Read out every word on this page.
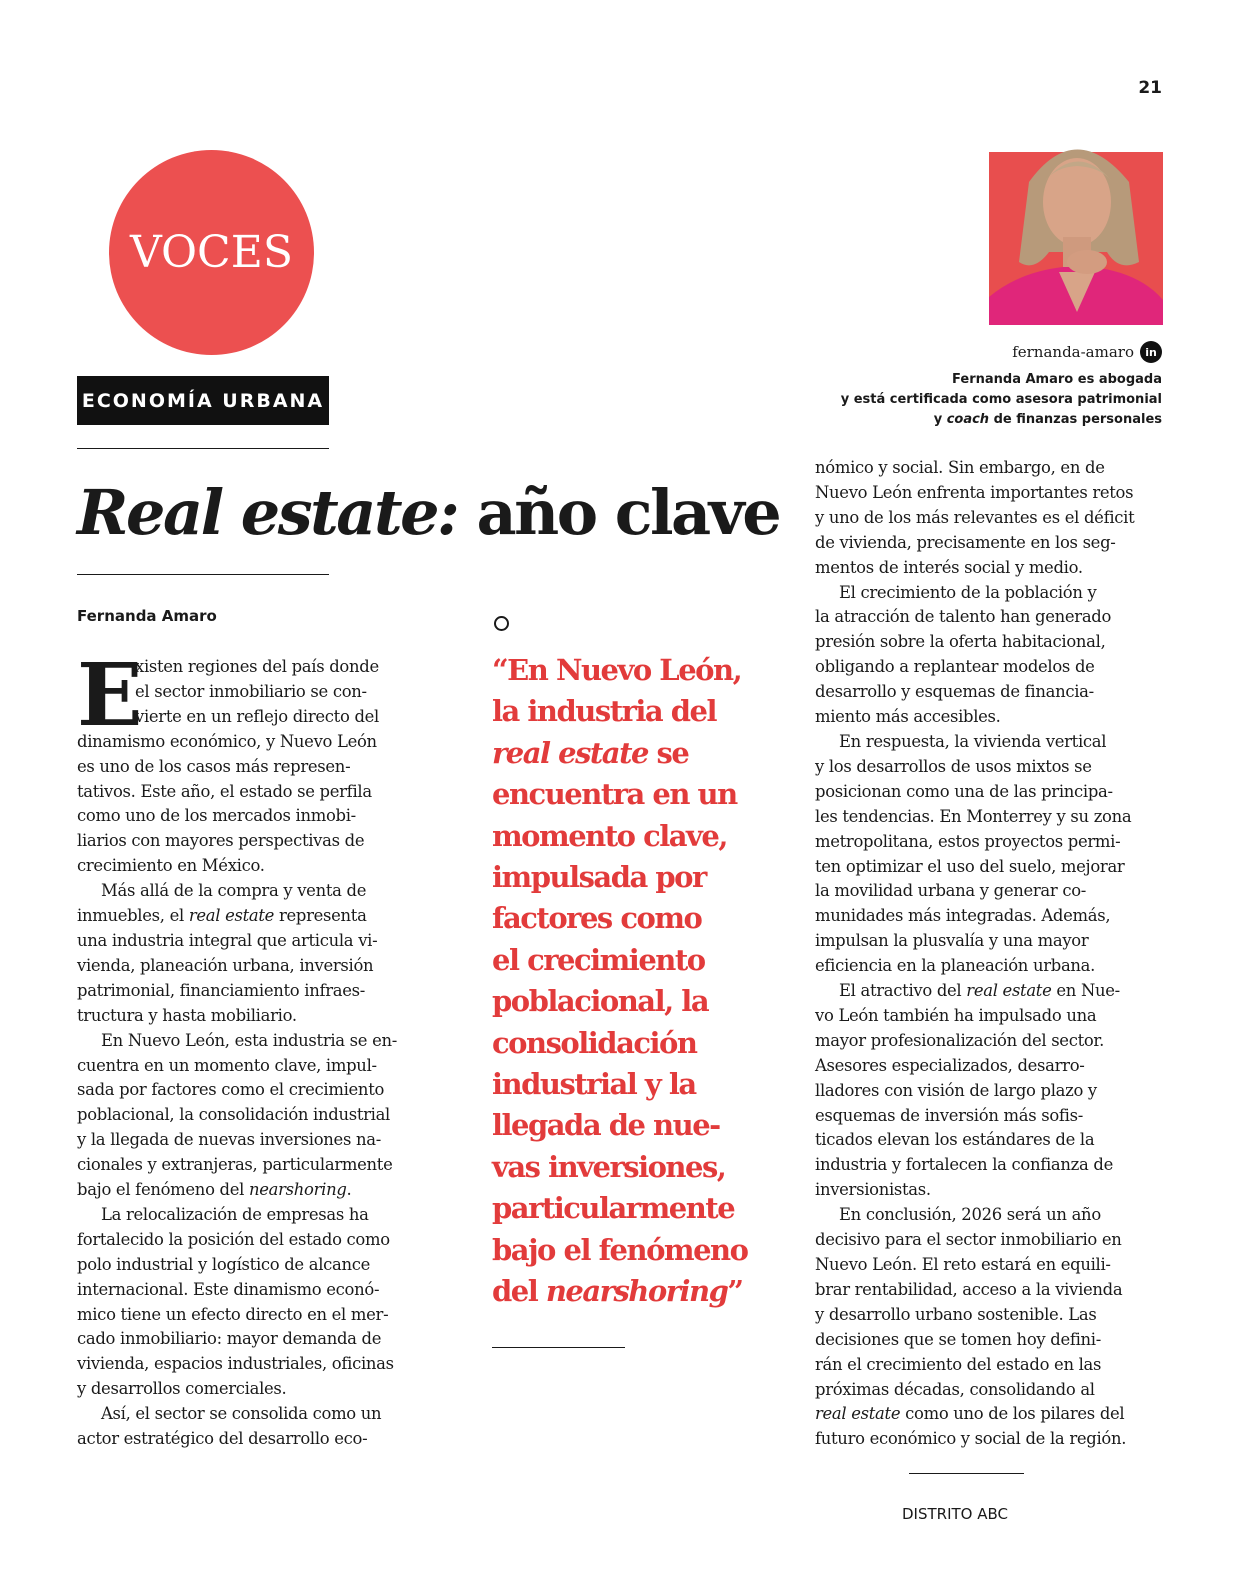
21
VOCES
ECONOMÍA URBANA
Real estate: año clave
fernanda-amaro	in
Fernanda Amaro es abogada
y está certificada como asesora patrimonial
y coach de finanzas personales
Fernanda Amaro
E

xisten regiones del país donde
el sector inmobiliario se con-
vierte en un reflejo directo del
dinamismo económico, y Nuevo León
es uno de los casos más represen-
tativos. Este año, el estado se perfila
como uno de los mercados inmobi-
liarios con mayores perspectivas de
crecimiento en México.
Más allá de la compra y venta de
inmuebles, el real estate representa
una industria integral que articula vi-
vienda, planeación urbana, inversión
patrimonial, financiamiento infraes-
tructura y hasta mobiliario.
En Nuevo León, esta industria se en-
cuentra en un momento clave, impul-
sada por factores como el crecimiento
poblacional, la consolidación industrial
y la llegada de nuevas inversiones na-
cionales y extranjeras, particularmente
bajo el fenómeno del nearshoring.
La relocalización de empresas ha
fortalecido la posición del estado como
polo industrial y logístico de alcance
internacional. Este dinamismo econó-
mico tiene un efecto directo en el mer-
cado inmobiliario: mayor demanda de
vivienda, espacios industriales, oficinas
y desarrollos comerciales.
Así, el sector se consolida como un
actor estratégico del desarrollo eco-

“En Nuevo León,
la industria del
real estate se
encuentra en un
momento clave,
impulsada por
factores como
el crecimiento
poblacional, la
consolidación
industrial y la
llegada de nue-
vas inversiones,
particularmente
bajo el fenómeno
del nearshoring”

nómico y social. Sin embargo, en de
Nuevo León enfrenta importantes retos
y uno de los más relevantes es el déficit
de vivienda, precisamente en los seg-
mentos de interés social y medio.
El crecimiento de la población y
la atracción de talento han generado
presión sobre la oferta habitacional,
obligando a replantear modelos de
desarrollo y esquemas de financia-
miento más accesibles.
En respuesta, la vivienda vertical
y los desarrollos de usos mixtos se
posicionan como una de las principa-
les tendencias. En Monterrey y su zona
metropolitana, estos proyectos permi-
ten optimizar el uso del suelo, mejorar
la movilidad urbana y generar co-
munidades más integradas. Además,
impulsan la plusvalía y una mayor
eficiencia en la planeación urbana.
El atractivo del real estate en Nue-
vo León también ha impulsado una
mayor profesionalización del sector.
Asesores especializados, desarro-
lladores con visión de largo plazo y
esquemas de inversión más sofis-
ticados elevan los estándares de la
industria y fortalecen la confianza de
inversionistas.
En conclusión, 2026 será un año
decisivo para el sector inmobiliario en
Nuevo León. El reto estará en equili-
brar rentabilidad, acceso a la vivienda
y desarrollo urbano sostenible. Las
decisiones que se tomen hoy defini-
rán el crecimiento del estado en las
próximas décadas, consolidando al
real estate como uno de los pilares del
futuro económico y social de la región.

DISTRITO ABC
